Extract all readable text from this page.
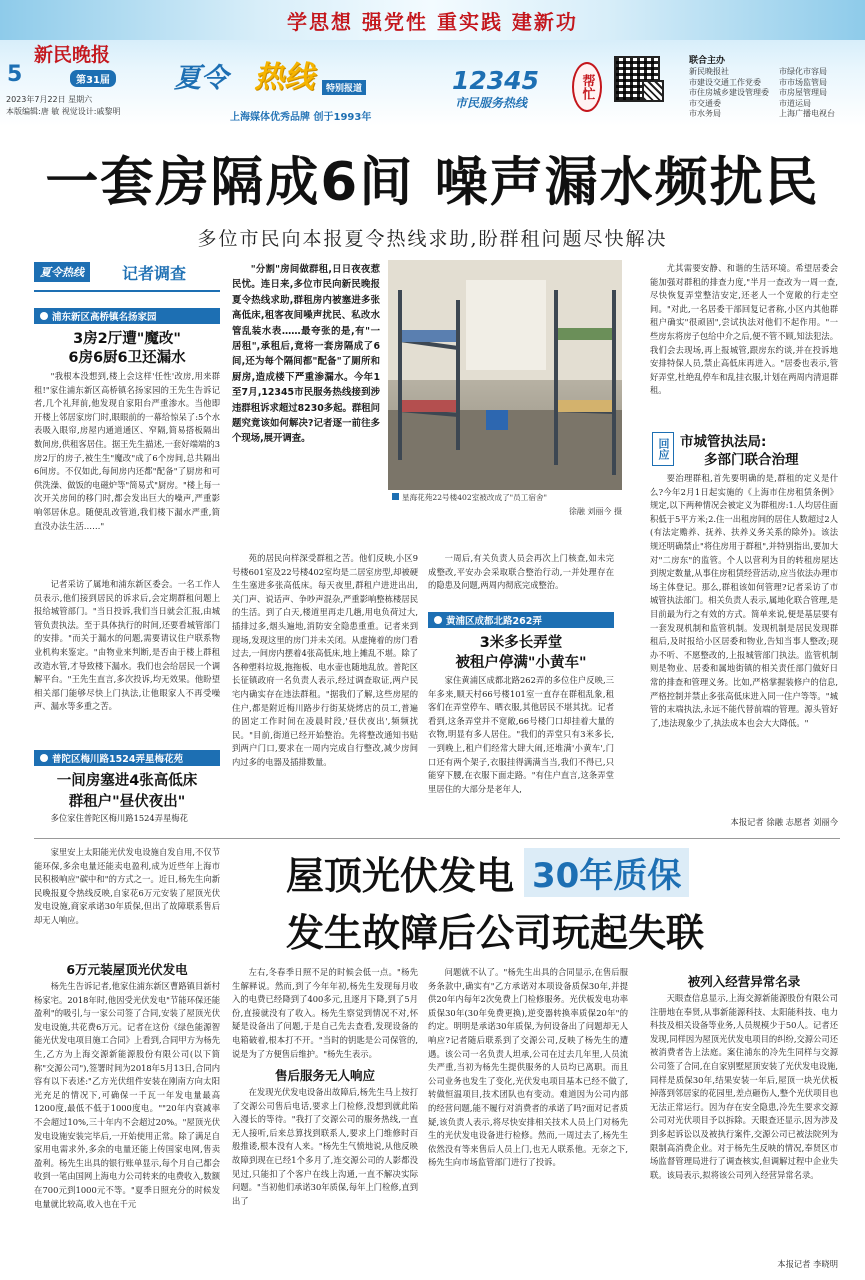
学思想 强党性 重实践 建新功
新民晚报
5	第31届
2023年7月22日 星期六
本版编辑:唐 敏 视觉设计:戚黎明
夏令 热线	特别报道
上海媒体优秀品牌 创于1993年
12345
市民服务热线
帮忙
联合主办
新民晚报社
市建设交通工作党委
市住房城乡建设管理委
市交通委
市水务局
市绿化市容局
市市场监管局
市房屋管理局
市道运局
上海广播电视台
一套房隔成6间 噪声漏水频扰民
多位市民向本报夏令热线求助,盼群租问题尽快解决
夏令热线	记者调查
浦东新区高桥镇名扬家园
3房2厅遭"魔改"
6房6厨6卫还漏水

"我根本没想到,楼上会这样'任性'改房,用来群租!"家住浦东新区高桥镇名扬家园的王先生告诉记者,几个礼拜前,他发现自家阳台严重渗水。当他即开楼上邻居家房门时,眼眼前的一幕给惊呆了:5个水表吸入眼帘,房屋内通道通区、窄隔,简易搭板隔出数间房,供租客居住。据王先生描述,一套好端端的3房2厅的房子,被生生"魔改"成了6个房间,总共隔出6间房。不仅如此,每间房内还都"配备"了厨房和可供洗澡、做饭的电磁炉等"简易式"厨房。"楼上每一次开关房间的移门时,都会发出巨大的噪声,严重影响邻居休息。随便乱改管道,我们楼下漏水严重,简直没办法生活……"

记者采访了属地和浦东新区委会。一名工作人员表示,他们接到居民的诉求后,会定期群租问题上报给城管部门。"当日投诉,我们当日就会汇报,由城管负责执法。至于具体执行的时间,还要看城管部门的安排。"而关于漏水的问题,需要请议住户联系物业机构来鉴定。"由物业来判断,是否由于楼上群租改造水管,才导致楼下漏水。我们也会给居民一个调解平台。"王先生直言,多次投诉,均无效果。他盼望相关部门能够尽快上门执法,让他眼家人不再受噪声、漏水等多重之苦。

普陀区梅川路1524弄星梅花苑
一间房塞进4张高低床
群租户"昼伏夜出"

多位家住普陀区梅川路1524弄星梅花

"分割"房间做群租,日日夜夜惹民忧。连日来,多位市民向新民晚报夏令热线求助,群租房内被塞进多张高低床,租客夜间噪声扰民、私改水管乱装水表……最夸张的是,有"一居租",承租后,竟将一套房隔成了6间,还为每个隔间都"配备"了厕所和厨房,造成楼下严重渗漏水。今年1至7月,12345市民服务热线接到涉违群租诉求超过8230多起。群租问题究竟该如何解决?记者逐一前往多个现场,展开调查。

星海花苑22号楼402室被改成了"员工宿舍"
徐融 刘丽今 摄

苑的居民向样深受群租之苦。他们反映,小区9号楼601室及22号楼402室均是二居室房型,却被硬生生塞进多张高低床。每天夜里,群租户进进出出,关门声、说话声、争吵声混杂,严重影响整栋楼居民的生活。到了白天,楼道里再走几趟,用电负荷过大,插排过多,烟头遍地,消防安全隐患重重。记者来到现场,发现这里的房门并未关闭。从虚掩着的房门看过去,一间房内摆着4张高低床,地上摊乱不堪。除了各种塑料垃圾,拖拖板、电水壶也随地乱放。普陀区长征镇政府一名负责人表示,经过调查取证,两户民宅内确实存在违法群租。"据我们了解,这些房屋的住户,都是附近梅川路步行街某烧烤店的员工,普遍的固定工作时间在凌晨时段,'昼伏夜出',频频扰民。"目前,街道已经开始整治。先将整改通知书贴到两户门口,要求在一周内完成自行整改,减少房间内过多的电器及插排数量。

一周后,有关负责人员会再次上门核查,如未完成整改,平安办会采取联合整治行动,一并处理存在的隐患及问题,两周内彻底完成整治。

黄浦区成都北路262弄
3米多长弄堂
被租户停满"小黄车"

家住黄浦区成都北路262弄的多位住户反映,三年多来,顺天村66号楼101室一直存在群租乱象,租客们在弄堂停车、晒衣服,其他居民不堪其扰。记者看到,这条弄堂并不宽敞,66号楼门口却挂着大量的衣物,明显有多人居住。"我们的弄堂只有3米多长,一到晚上,租户们经常大肆大闹,还堆满'小黄车',门口还有两个架子,衣服挂得满满当当,我们不得已,只能穿下腰,在衣服下面走路。"有住户直言,这条弄堂里居住的大部分是老年人,

尤其需要安静、和谐的生活环境。希望居委会能加强对群租的排查力度,"半月一查改为一周一查,尽快恢复弄堂整洁安定,还老人一个宽敞的行走空间。"对此,一名居委干部回复记者称,小区内其他群租户确实"很顽固",尝试执法对他们不起作用。"一些房东将房子包给中介之后,便不管不顾,知法犯法。我们会去现场,再上报城管,跟房东约谈,并在投诉地安排特保人员,禁止高低床再进入。"居委也表示,管好弄堂,杜绝乱停车和乱挂衣服,计划在两周内清退群租。

回应 市城管执法局:
多部门联合治理

要治理群租,首先要明确的是,群租的定义是什么?今年2月1日起实施的《上海市住房租赁条例》规定,以下两种情况会被定义为群租房:1.人均居住面积低于5平方米;2.住一出租房间的居住人数超过2人(有法定赡养、抚养、扶养义务关系的除外)。该法规还明确禁止"将住房用于群租",并特别指出,要加大对"二房东"的监管。个人以营利为目的转租房屋达到规定数量,从事住房租赁经营活动,应当依法办理市场主体登记。那么,群租该如何管理?记者采访了市城管执法部门。相关负责人表示,属地化联合管理,是目前最为行之有效的方式。简单来说,便是基层要有一套发现机制和监管机制。发现机制是居民发现群租后,及时报给小区居委和物业,告知当事人整改;现办不听、不愿整改的,上报城管部门执法。监管机制则是物业、居委和属地街镇的相关责任部门做好日常的排查和管理义务。比如,严格掌握装修户的信息,严格控制并禁止多张高低床进入同一住户等等。"城管的末端执法,永远不能代替前端的管理。源头管好了,违法现象少了,执法成本也会大大降低。"

本报记者 徐融 志愿者 刘丽今

家里安上太阳能光伏发电设施自发自用,不仅节能环保,多余电量还能卖电盈利,成为近些年上海市民积极响应"碳中和"的方式之一。近日,杨先生向新民晚报夏令热线反映,自家花6万元安装了屋顶光伏发电设施,商家承诺30年质保,但出了故障联系售后却无人响应。

屋顶光伏发电 30年质保
发生故障后公司玩起失联
6万元装屋顶光伏发电

杨先生告诉记者,他家住浦东新区曹路镇目新村杨家宅。2018年时,他因受光伏发电"节能环保还能盈利"的吸引,与一家公司签了合同,安装了屋顶光伏发电设施,共花费6万元。记者在这份《绿色能源智能光伏发电项目施工合同》上看到,合同甲方为杨先生,乙方为上海交源新能源股份有限公司(以下简称"交源公司"),签署时间为2018年5月13日,合同内容有以下表述:"乙方光伏组件安装在刚南方向太阳光充足的情况下,可确保一千瓦一年发电量最高1200度,最低不低于1000度电。""20年内衰减率不会超过10%,三十年内不会超过20%。"屋顶光伏发电设施安装完毕后,一开始使用正常。除了满足自家用电需求外,多余的电量还能上传国家电网,售卖盈利。杨先生出具的银行账单显示,每个月自己都会收到一笔由国网上海电力公司转来的电费收入,数额在700元到1000元不等。"夏季日照充分的时候发电量就比较高,收入也在千元

左右,冬春季日照不足的时候会低一点。"杨先生解释说。然而,到了今年年初,杨先生发现每月收入的电费已经降到了400多元,且逐月下降,到了5月份,直接就没有了收入。杨先生察觉到情况不对,怀疑是设备出了问题,于是自己先去查看,发现设备的电箱破着,根本打不开。"当时的钥匙是公司保管的,说是为了方便售后维护。"杨先生表示。

售后服务无人响应

在发现光伏发电设备出故障后,杨先生马上按打了交源公司售后电话,要求上门检修,没想到就此陷入漫长的等待。"我打了交源公司的服务热线,一直无人接听,后来总算找到联系人,要求上门维修时百般推诿,根本没有人来。"杨先生气愤地说,从他反映故障到现在已经1个多月了,连交源公司的人影都没见过,只能扣了个客户在线上沟通,一直不解决实际问题。"当初他们承诺30年质保,每年上门检修,直到出了

问题就不认了。"杨先生出具的合同显示,在售后服务条款中,确实有"乙方承诺对本项设备质保30年,并提供20年内每年2次免费上门检修服务。光伏板发电功率质保30年(30年免费更换),逆变器转换率质保20年"的约定。明明是承诺30年质保,为何设备出了问题却无人响应?记者随后联系到了交源公司,反映了杨先生的遭遇。该公司一名负责人坦承,公司在过去几年里,人员流失严重,当初为杨先生提供服务的人员均已离职。而且公司业务也发生了变化,光伏发电项目基本已经不做了,转做恒温项目,技术团队也有变动。难道因为公司内部的经营问题,能不履行对消费者的承诺了吗?面对记者质疑,该负责人表示,将尽快安排相关技术人员上门对杨先生的光伏发电设备进行检修。然而,一周过去了,杨先生依然没有等来售后人员上门,也无人联系他。无奈之下,杨先生向市场监管部门进行了投诉。

被列入经营异常名录

天眼查信息显示,上海交源新能源股份有限公司注册地在奉贤,从事新能源科技、太阳能科技、电力科技及相关设备等业务,人员规模少于50人。记者还发现,同样因为屋顶光伏发电项目的纠纷,交源公司还被消费者告上法庭。案住浦东的冷先生同样与交源公司签了合同,在自家别墅屋顶安装了光伏发电设施,同样是质保30年,结果安装一年后,屋顶一块光伏板掉落到邻居家的花园里,差点砸伤人,整个光伏项目也无法正常运行。因为存在安全隐患,冷先生要求交源公司对光伏项目予以拆除。天眼查还显示,因为涉及到多起诉讼以及被执行案件,交源公司已被法院列为限制高消费企业。对于杨先生反映的情况,奉贤区市场监督管理局进行了调查核实,但调解过程中企业失联。该局表示,拟将该公司列入经营异常名录。

本报记者 李晓明
